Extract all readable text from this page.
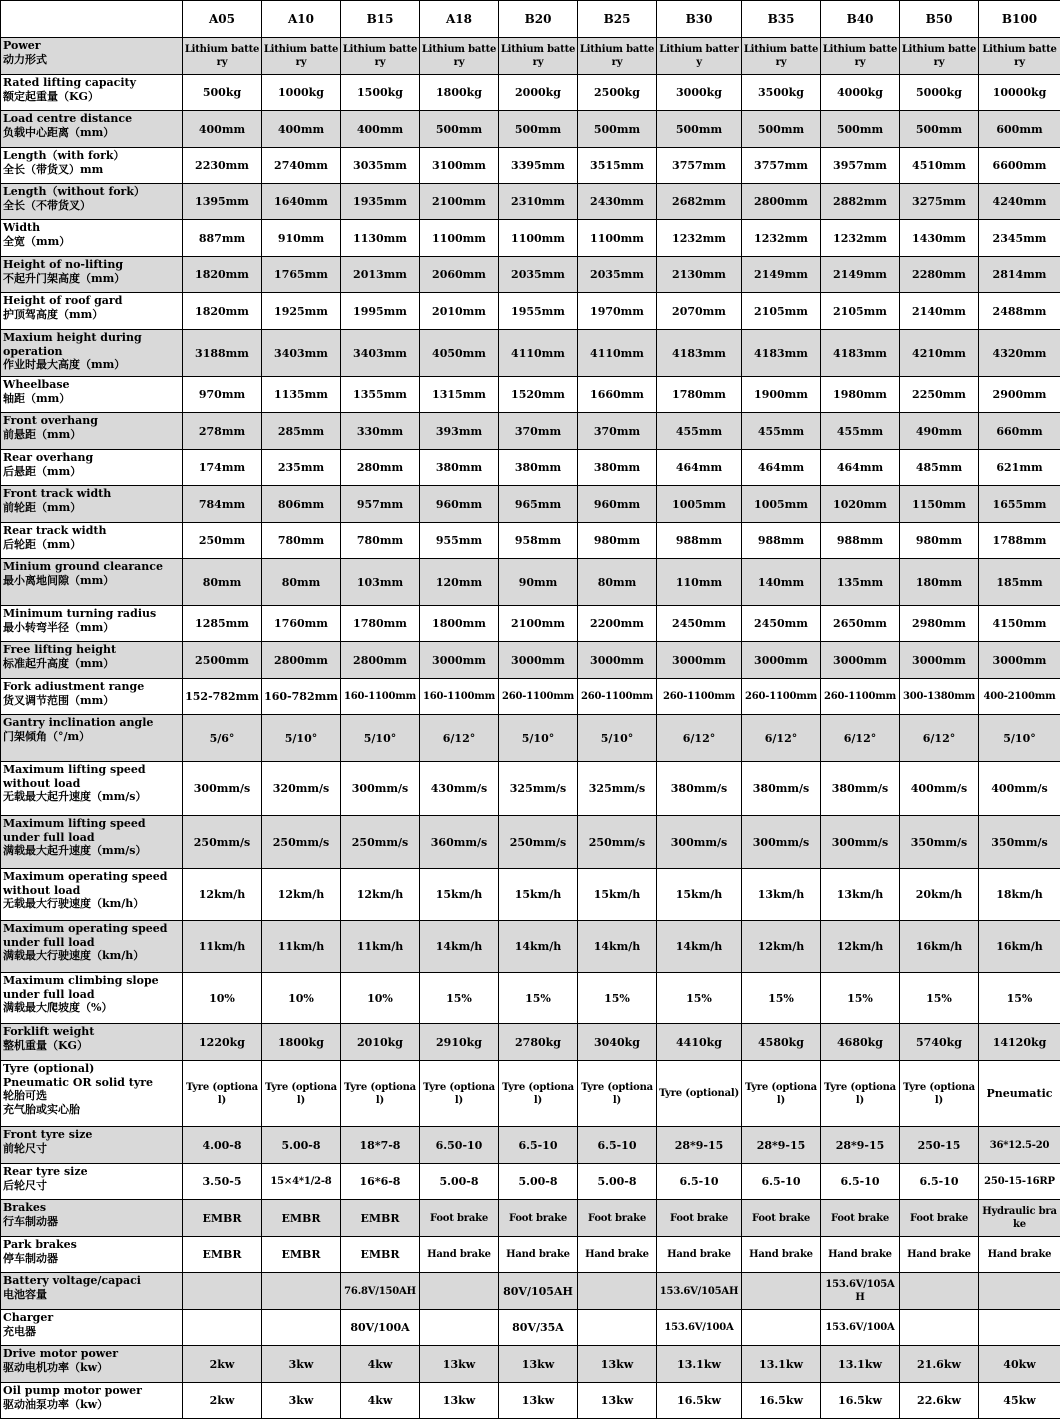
	A05	A10	B15	A18	B20	B25	B30	B35	B40	B50	B100

Power
动力形式	Lithium battery	Lithium battery	Lithium battery	Lithium battery	Lithium battery	Lithium battery	Lithium battery	Lithium battery	Lithium battery	Lithium battery	Lithium battery

Rated lifting capacity
额定起重量（KG）	500kg	1000kg	1500kg	1800kg	2000kg	2500kg	3000kg	3500kg	4000kg	5000kg	10000kg

Load centre distance
负载中心距离（mm）	400mm	400mm	400mm	500mm	500mm	500mm	500mm	500mm	500mm	500mm	600mm

Length（with fork）
全长（带货叉）mm	2230mm	2740mm	3035mm	3100mm	3395mm	3515mm	3757mm	3757mm	3957mm	4510mm	6600mm

Length（without fork）
全长（不带货叉）	1395mm	1640mm	1935mm	2100mm	2310mm	2430mm	2682mm	2800mm	2882mm	3275mm	4240mm

Width
全宽（mm）	887mm	910mm	1130mm	1100mm	1100mm	1100mm	1232mm	1232mm	1232mm	1430mm	2345mm

Height of no-lifting
不起升门架高度（mm）	1820mm	1765mm	2013mm	2060mm	2035mm	2035mm	2130mm	2149mm	2149mm	2280mm	2814mm

Height of roof gard
护顶驾高度（mm）	1820mm	1925mm	1995mm	2010mm	1955mm	1970mm	2070mm	2105mm	2105mm	2140mm	2488mm

Maxium height during
operation
作业时最大高度（mm）	3188mm	3403mm	3403mm	4050mm	4110mm	4110mm	4183mm	4183mm	4183mm	4210mm	4320mm

Wheelbase
轴距（mm）	970mm	1135mm	1355mm	1315mm	1520mm	1660mm	1780mm	1900mm	1980mm	2250mm	2900mm

Front overhang
前悬距（mm）	278mm	285mm	330mm	393mm	370mm	370mm	455mm	455mm	455mm	490mm	660mm

Rear overhang
后悬距（mm）	174mm	235mm	280mm	380mm	380mm	380mm	464mm	464mm	464mm	485mm	621mm

Front track width
前轮距（mm）	784mm	806mm	957mm	960mm	965mm	960mm	1005mm	1005mm	1020mm	1150mm	1655mm

Rear track width
后轮距（mm）	250mm	780mm	780mm	955mm	958mm	980mm	988mm	988mm	988mm	980mm	1788mm

Minium ground clearance
最小离地间隙（mm）	80mm	80mm	103mm	120mm	90mm	80mm	110mm	140mm	135mm	180mm	185mm

Minimum turning radius
最小转弯半径（mm）	1285mm	1760mm	1780mm	1800mm	2100mm	2200mm	2450mm	2450mm	2650mm	2980mm	4150mm

Free lifting height
标准起升高度（mm）	2500mm	2800mm	2800mm	3000mm	3000mm	3000mm	3000mm	3000mm	3000mm	3000mm	3000mm

Fork adiustment range
货叉调节范围（mm）	152-782mm	160-782mm	160-1100mm	160-1100mm	260-1100mm	260-1100mm	260-1100mm	260-1100mm	260-1100mm	300-1380mm	400-2100mm

Gantry inclination angle
门架倾角（°/m）	5/6°	5/10°	5/10°	6/12°	5/10°	5/10°	6/12°	6/12°	6/12°	6/12°	5/10°

Maximum lifting speed
without load
无载最大起升速度（mm/s）	300mm/s	320mm/s	300mm/s	430mm/s	325mm/s	325mm/s	380mm/s	380mm/s	380mm/s	400mm/s	400mm/s

Maximum lifting speed
under full load
满载最大起升速度（mm/s）	250mm/s	250mm/s	250mm/s	360mm/s	250mm/s	250mm/s	300mm/s	300mm/s	300mm/s	350mm/s	350mm/s

Maximum operating speed
without load
无载最大行驶速度（km/h）	12km/h	12km/h	12km/h	15km/h	15km/h	15km/h	15km/h	13km/h	13km/h	20km/h	18km/h

Maximum operating speed
under full load
满载最大行驶速度（km/h）	11km/h	11km/h	11km/h	14km/h	14km/h	14km/h	14km/h	12km/h	12km/h	16km/h	16km/h

Maximum climbing slope
under full load
满载最大爬坡度（%）	10%	10%	10%	15%	15%	15%	15%	15%	15%	15%	15%

Forklift weight
整机重量（KG）	1220kg	1800kg	2010kg	2910kg	2780kg	3040kg	4410kg	4580kg	4680kg	5740kg	14120kg

Tyre (optional)
Pneumatic OR solid tyre
轮胎可选
充气胎或实心胎	Tyre (optional)	Tyre (optional)	Tyre (optional)	Tyre (optional)	Tyre (optional)	Tyre (optional)	Tyre (optional)	Tyre (optional)	Tyre (optional)	Tyre (optional)	Pneumatic

Front tyre size
前轮尺寸	4.00-8	5.00-8	18*7-8	6.50-10	6.5-10	6.5-10	28*9-15	28*9-15	28*9-15	250-15	36*12.5-20

Rear tyre size
后轮尺寸	3.50-5	15×4*1/2-8	16*6-8	5.00-8	5.00-8	5.00-8	6.5-10	6.5-10	6.5-10	6.5-10	250-15-16RP

Brakes
行车制动器	EMBR	EMBR	EMBR	Foot brake	Foot brake	Foot brake	Foot brake	Foot brake	Foot brake	Foot brake	Hydraulic brake

Park brakes
停车制动器	EMBR	EMBR	EMBR	Hand brake	Hand brake	Hand brake	Hand brake	Hand brake	Hand brake	Hand brake	Hand brake

Battery voltage/capaci
电池容量			76.8V/150AH		80V/105AH		153.6V/105AH		153.6V/105AH		

Charger
充电器			80V/100A		80V/35A		153.6V/100A		153.6V/100A		

Drive motor power
驱动电机功率（kw）	2kw	3kw	4kw	13kw	13kw	13kw	13.1kw	13.1kw	13.1kw	21.6kw	40kw

Oil pump motor power
驱动油泵功率（kw）	2kw	3kw	4kw	13kw	13kw	13kw	16.5kw	16.5kw	16.5kw	22.6kw	45kw
